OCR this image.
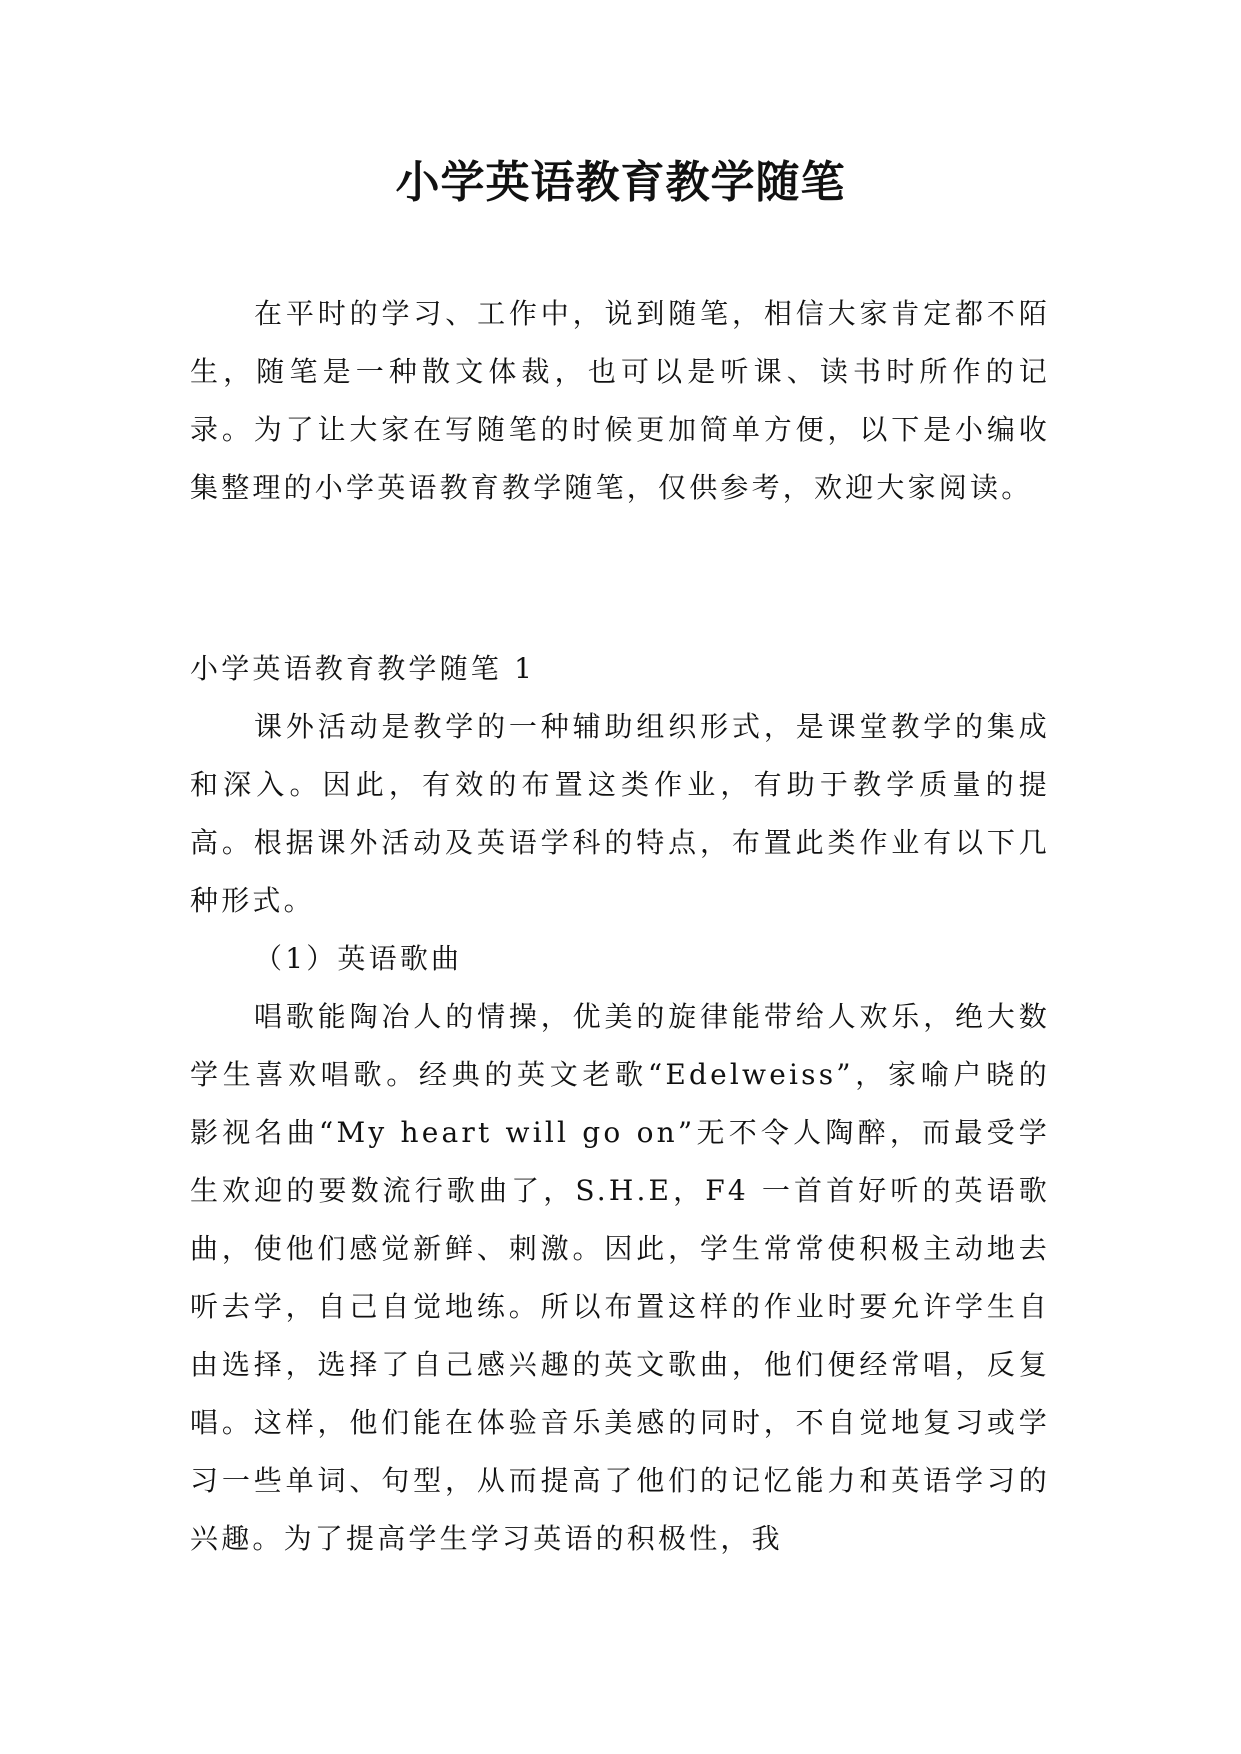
小学英语教育教学随笔

在平时的学习、工作中，说到随笔，相信大家肯定都不陌生，随笔是一种散文体裁，也可以是听课、读书时所作的记录。为了让大家在写随笔的时候更加简单方便，以下是小编收集整理的小学英语教育教学随笔，仅供参考，欢迎大家阅读。

小学英语教育教学随笔 1

课外活动是教学的一种辅助组织形式，是课堂教学的集成和深入。因此，有效的布置这类作业，有助于教学质量的提高。根据课外活动及英语学科的特点，布置此类作业有以下几种形式。

（1）英语歌曲

唱歌能陶冶人的情操，优美的旋律能带给人欢乐，绝大数学生喜欢唱歌。经典的英文老歌“Edelweiss”，家喻户晓的影视名曲“My heart will go on”无不令人陶醉，而最受学生欢迎的要数流行歌曲了，S.H.E，F4 一首首好听的英语歌曲，使他们感觉新鲜、刺激。因此，学生常常使积极主动地去听去学，自己自觉地练。所以布置这样的作业时要允许学生自由选择，选择了自己感兴趣的英文歌曲，他们便经常唱，反复唱。这样，他们能在体验音乐美感的同时，不自觉地复习或学习一些单词、句型，从而提高了他们的记忆能力和英语学习的兴趣。为了提高学生学习英语的积极性，我
